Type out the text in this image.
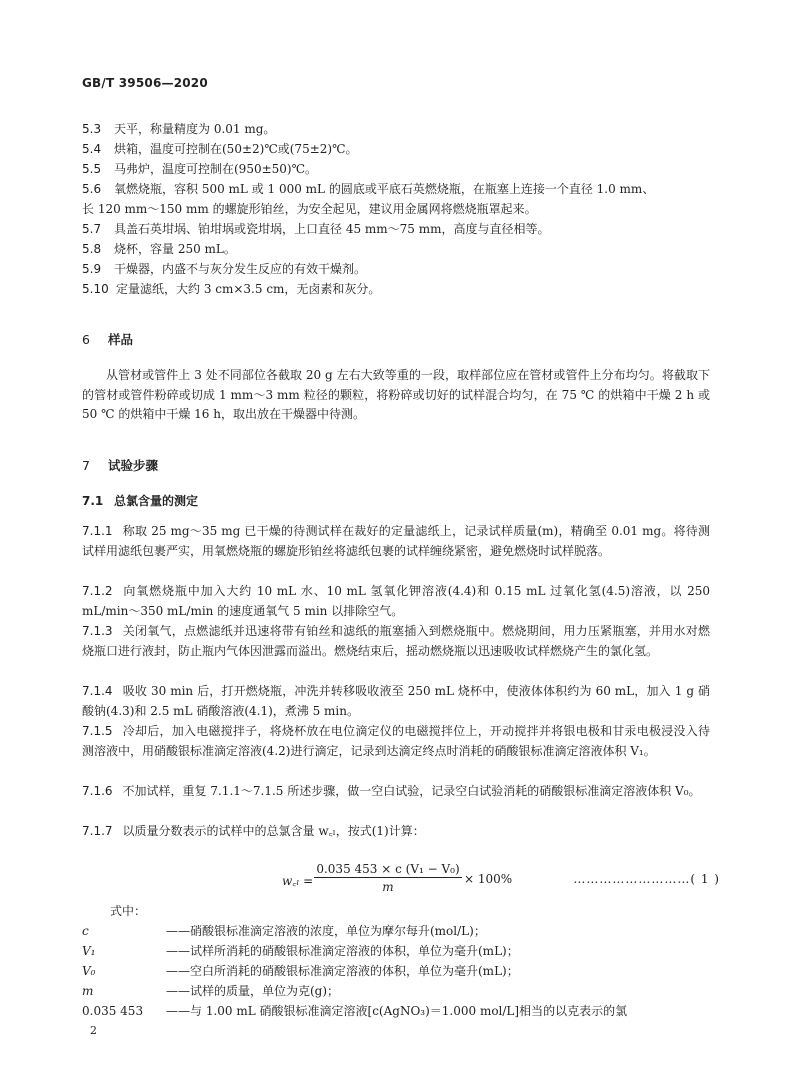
GB/T 39506—2020
5.3 天平，称量精度为 0.01 mg。
5.4 烘箱，温度可控制在(50±2)℃或(75±2)℃。
5.5 马弗炉，温度可控制在(950±50)℃。
5.6 氧燃烧瓶，容积 500 mL 或 1 000 mL 的圆底或平底石英燃烧瓶，在瓶塞上连接一个直径 1.0 mm、
长 120 mm～150 mm 的螺旋形铂丝，为安全起见，建议用金属网将燃烧瓶罩起来。
5.7 具盖石英坩埚、铂坩埚或瓷坩埚，上口直径 45 mm～75 mm，高度与直径相等。
5.8 烧杯，容量 250 mL。
5.9 干燥器，内盛不与灰分发生反应的有效干燥剂。
5.10 定量滤纸，大约 3 cm×3.5 cm，无卤素和灰分。
6 样品
从管材或管件上 3 处不同部位各截取 20 g 左右大致等重的一段，取样部位应在管材或管件上分布均匀。将截取下的管材或管件粉碎或切成 1 mm～3 mm 粒径的颗粒，将粉碎或切好的试样混合均匀，在 75 ℃ 的烘箱中干燥 2 h 或 50 ℃ 的烘箱中干燥 16 h，取出放在干燥器中待测。
7 试验步骤
7.1 总氯含量的测定
7.1.1 称取 25 mg～35 mg 已干燥的待测试样在裁好的定量滤纸上，记录试样质量(m)，精确至 0.01 mg。将待测试样用滤纸包裹严实，用氧燃烧瓶的螺旋形铂丝将滤纸包裹的试样缠绕紧密，避免燃烧时试样脱落。
7.1.2 向氧燃烧瓶中加入大约 10 mL 水、10 mL 氢氧化钾溶液(4.4)和 0.15 mL 过氧化氢(4.5)溶液，以 250 mL/min～350 mL/min 的速度通氧气 5 min 以排除空气。
7.1.3 关闭氧气，点燃滤纸并迅速将带有铂丝和滤纸的瓶塞插入到燃烧瓶中。燃烧期间，用力压紧瓶塞，并用水对燃烧瓶口进行液封，防止瓶内气体因泄露而溢出。燃烧结束后，摇动燃烧瓶以迅速吸收试样燃烧产生的氯化氢。
7.1.4 吸收 30 min 后，打开燃烧瓶，冲洗并转移吸收液至 250 mL 烧杯中，使液体体积约为 60 mL，加入 1 g 硝酸钠(4.3)和 2.5 mL 硝酸溶液(4.1)，煮沸 5 min。
7.1.5 冷却后，加入电磁搅拌子，将烧杯放在电位滴定仪的电磁搅拌位上，开动搅拌并将银电极和甘汞电极浸没入待测溶液中，用硝酸银标准滴定溶液(4.2)进行滴定，记录到达滴定终点时消耗的硝酸银标准滴定溶液体积 V₁。
7.1.6 不加试样，重复 7.1.1～7.1.5 所述步骤，做一空白试验，记录空白试验消耗的硝酸银标准滴定溶液体积 V₀。
7.1.7 以质量分数表示的试样中的总氯含量 w꜀ₗ，按式(1)计算：
w꜀ₗ = $\frac{\text{0.035 453 × c (V₁ − V₀)}}{m} \times 100\%$	………………………( 1 )
式中：
c	——硝酸银标准滴定溶液的浓度，单位为摩尔每升(mol/L)；
V₁	——试样所消耗的硝酸银标准滴定溶液的体积，单位为毫升(mL)；
V₀	——空白所消耗的硝酸银标准滴定溶液的体积，单位为毫升(mL)；
m	——试样的质量，单位为克(g)；
0.035 453 ——与 1.00 mL 硝酸银标准滴定溶液[c(AgNO₃)＝1.000 mol/L]相当的以克表示的氯
2
